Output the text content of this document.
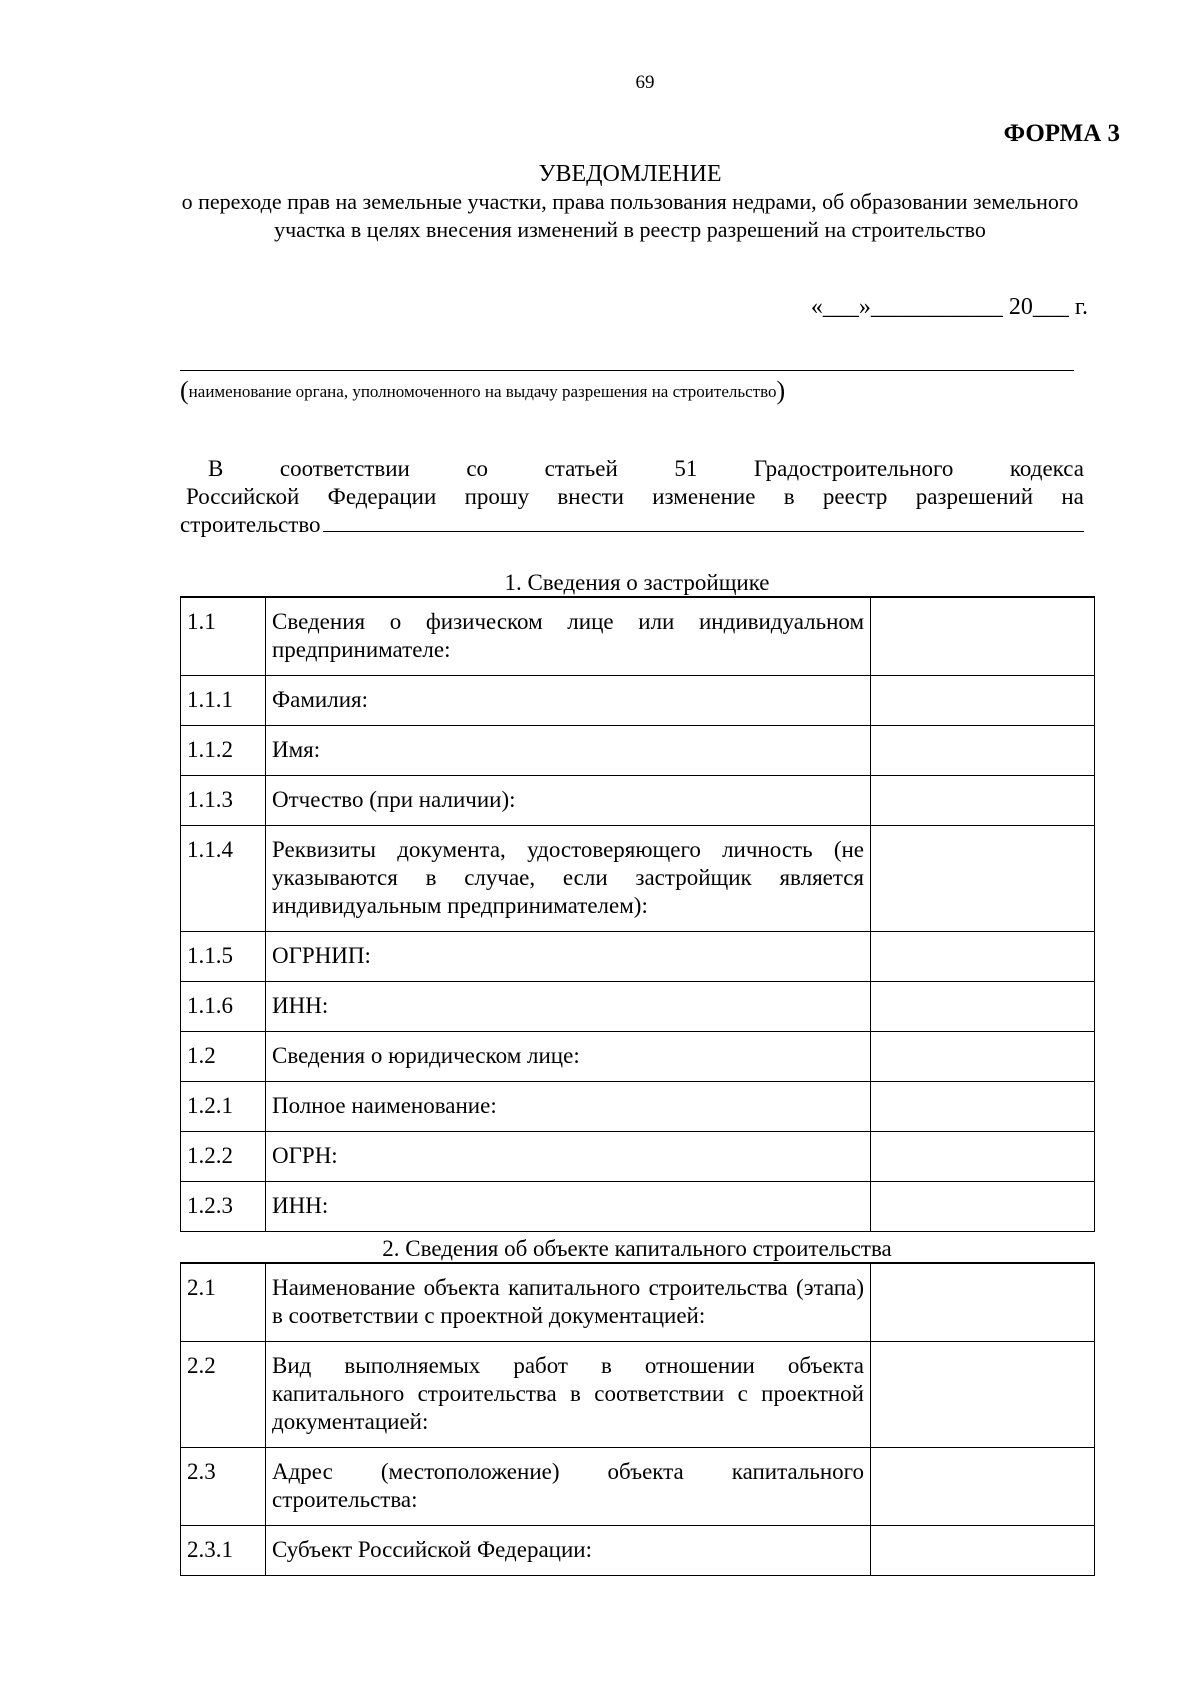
69
ФОРМА 3
УВЕДОМЛЕНИЕ
о переходе прав на земельные участки, права пользования недрами, об образовании земельного участка в целях внесения изменений в реестр разрешений на строительство
«___»___________ 20___ г.
(наименование органа, уполномоченного на выдачу разрешения на строительство)
В соответствии со статьей 51 Градостроительного кодекса
Российской Федерации прошу внести изменение в реестр разрешений на
строительство
1. Сведения о застройщике
1.1	Сведения о физическом лице или индивидуальном предпринимателе:	
1.1.1	Фамилия:	
1.1.2	Имя:	
1.1.3	Отчество (при наличии):	
1.1.4	Реквизиты документа, удостоверяющего личность (не указываются в случае, если застройщик является индивидуальным предпринимателем):	
1.1.5	ОГРНИП:	
1.1.6	ИНН:	
1.2	Сведения о юридическом лице:	
1.2.1	Полное наименование:	
1.2.2	ОГРН:	
1.2.3	ИНН:	
2. Сведения об объекте капитального строительства
2.1	Наименование объекта капитального строительства (этапа) в соответствии с проектной документацией:	
2.2	Вид выполняемых работ в отношении объекта капитального строительства в соответствии с проектной документацией:	
2.3	Адрес (местоположение) объекта капитального строительства:	
2.3.1	Субъект Российской Федерации:	
